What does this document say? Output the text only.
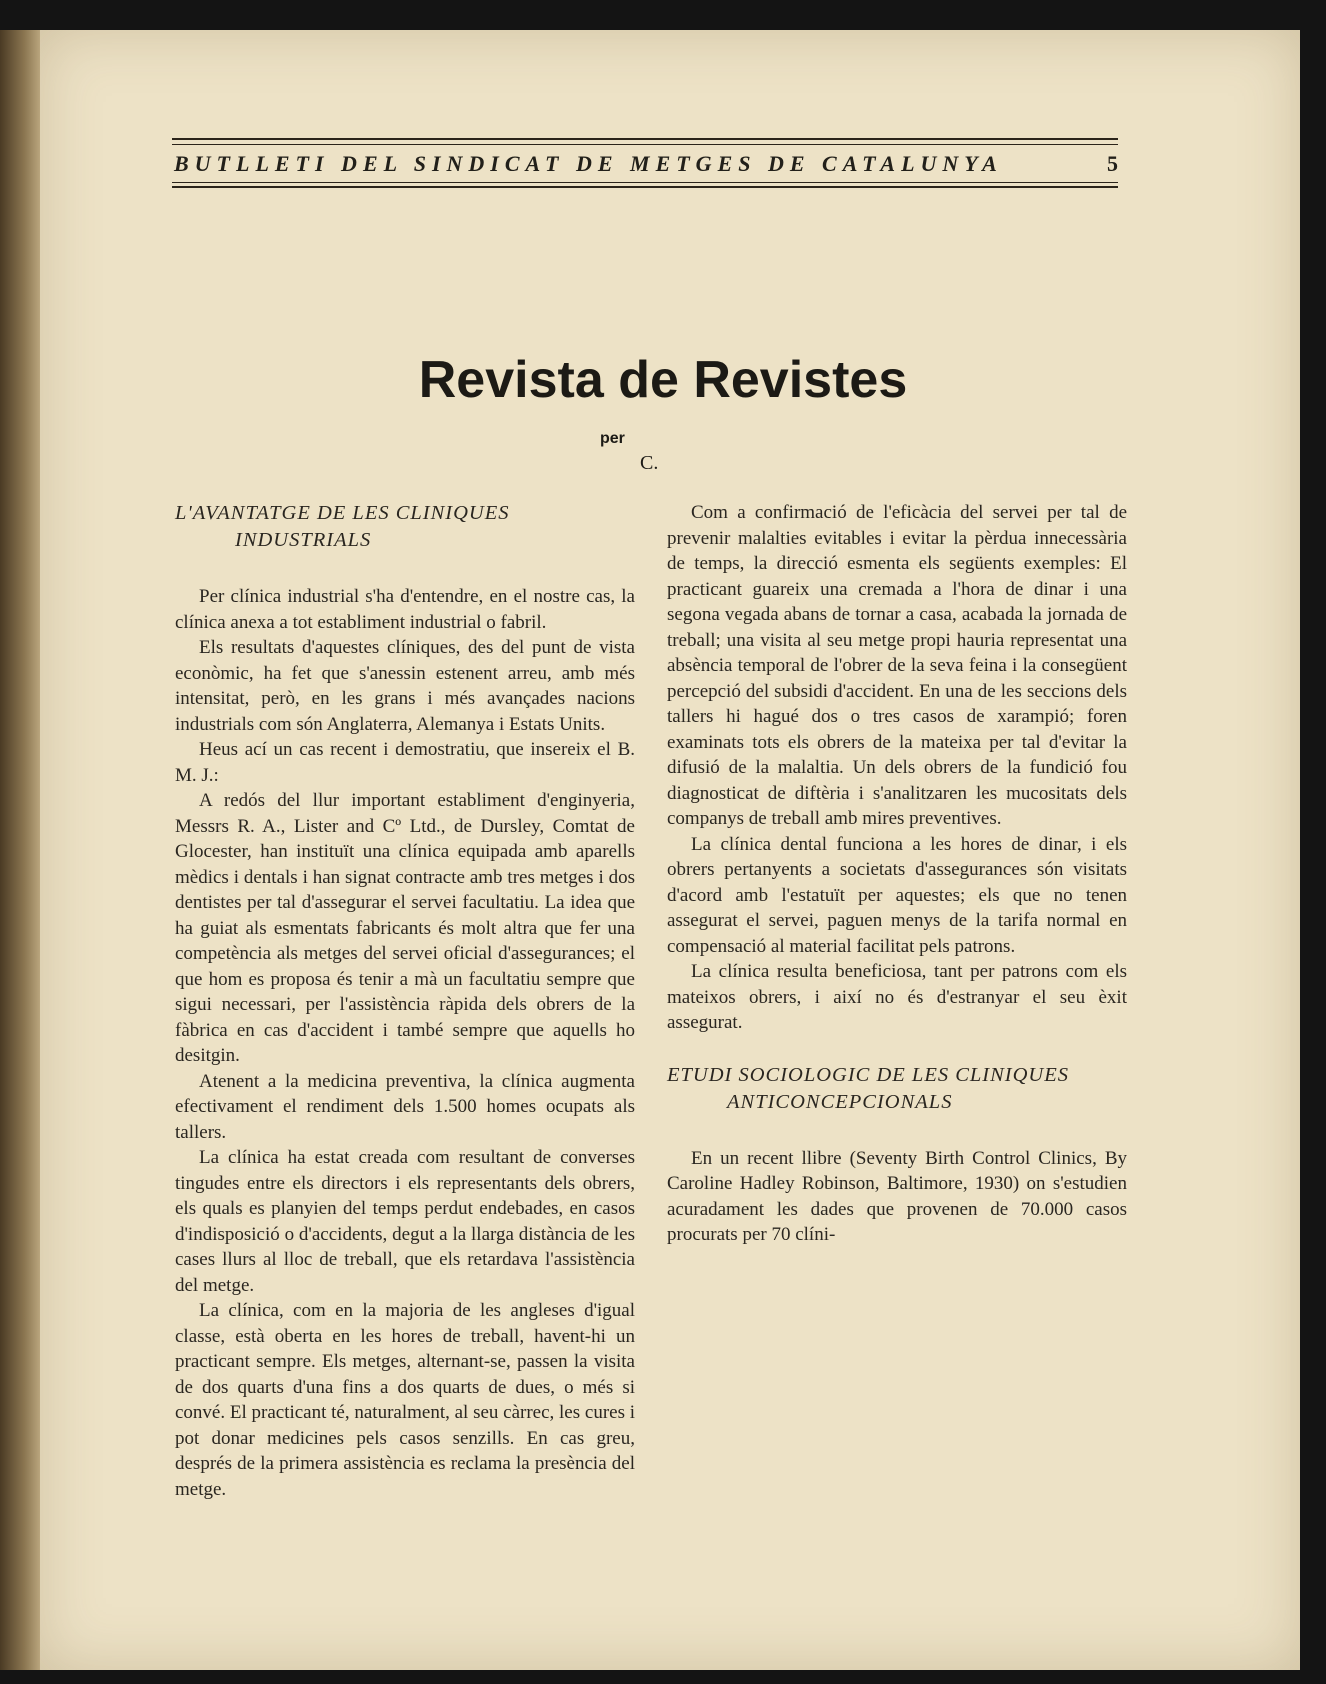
BUTLLETI DEL SINDICAT DE METGES DE CATALUNYA	5
Revista de Revistes
per
C.
L'AVANTATGE DE LES CLINIQUES INDUSTRIALS

Per clínica industrial s'ha d'entendre, en el nostre cas, la clínica anexa a tot establiment industrial o fabril.

Els resultats d'aquestes clíniques, des del punt de vista econòmic, ha fet que s'anessin estenent arreu, amb més intensitat, però, en les grans i més avançades nacions industrials com són Anglaterra, Alemanya i Estats Units.

Heus ací un cas recent i demostratiu, que insereix el B. M. J.:

A redós del llur important establiment d'enginyeria, Messrs R. A., Lister and Cº Ltd., de Dursley, Comtat de Glocester, han instituït una clínica equipada amb aparells mèdics i dentals i han signat contracte amb tres metges i dos dentistes per tal d'assegurar el servei facultatiu. La idea que ha guiat als esmentats fabricants és molt altra que fer una competència als metges del servei oficial d'assegurances; el que hom es proposa és tenir a mà un facultatiu sempre que sigui necessari, per l'assistència ràpida dels obrers de la fàbrica en cas d'accident i també sempre que aquells ho desitgin.

Atenent a la medicina preventiva, la clínica augmenta efectivament el rendiment dels 1.500 homes ocupats als tallers.

La clínica ha estat creada com resultant de converses tingudes entre els directors i els representants dels obrers, els quals es planyien del temps perdut endebades, en casos d'indisposició o d'accidents, degut a la llarga distància de les cases llurs al lloc de treball, que els retardava l'assistència del metge.

La clínica, com en la majoria de les angleses d'igual classe, està oberta en les hores de treball, havent-hi un practicant sempre. Els metges, alternant-se, passen la visita de dos quarts d'una fins a dos quarts de dues, o més si convé. El practicant té, naturalment, al seu càrrec, les cures i pot donar medicines pels casos senzills. En cas greu, després de la primera assistència es reclama la presència del metge.

Com a confirmació de l'eficàcia del servei per tal de prevenir malalties evitables i evitar la pèrdua innecessària de temps, la direcció esmenta els següents exemples: El practicant guareix una cremada a l'hora de dinar i una segona vegada abans de tornar a casa, acabada la jornada de treball; una visita al seu metge propi hauria representat una absència temporal de l'obrer de la seva feina i la consegüent percepció del subsidi d'accident. En una de les seccions dels tallers hi hagué dos o tres casos de xarampió; foren examinats tots els obrers de la mateixa per tal d'evitar la difusió de la malaltia. Un dels obrers de la fundició fou diagnosticat de diftèria i s'analitzaren les mucositats dels companys de treball amb mires preventives.

La clínica dental funciona a les hores de dinar, i els obrers pertanyents a societats d'assegurances són visitats d'acord amb l'estatuït per aquestes; els que no tenen assegurat el servei, paguen menys de la tarifa normal en compensació al material facilitat pels patrons.

La clínica resulta beneficiosa, tant per patrons com els mateixos obrers, i així no és d'estranyar el seu èxit assegurat.

ETUDI SOCIOLOGIC DE LES CLINIQUES ANTICONCEPCIONALS

En un recent llibre (Seventy Birth Control Clinics, By Caroline Hadley Robinson, Baltimore, 1930) on s'estudien acuradament les dades que provenen de 70.000 casos procurats per 70 clíni-
